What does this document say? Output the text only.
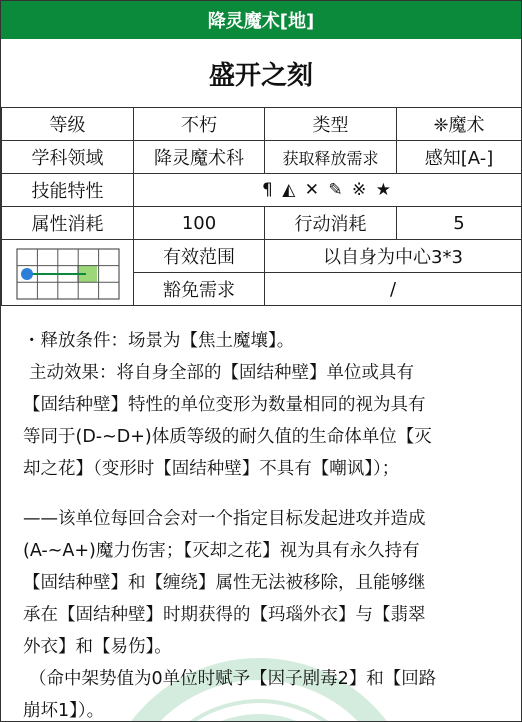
降灵魔术[地]
盛开之刻
等级	不朽	类型	❈魔术
学科领域	降灵魔术科	获取释放需求	感知[A-]
技能特性	¶ ◭ ✕ ✎ ※ ★		
属性消耗	100	行动消耗	5

	有效范围	以自身为中心3*3	
	豁免需求	/	

・释放条件：场景为【焦土魔壤】。

主动效果：将自身全部的【固结种壁】单位或具有

【固结种壁】特性的单位变形为数量相同的视为具有

等同于(D-~D+)体质等级的耐久值的生命体单位【灭

却之花】（变形时【固结种壁】不具有【嘲讽】）；

——该单位每回合会对一个指定目标发起进攻并造成

(A-~A+)魔力伤害；【灭却之花】视为具有永久持有

【固结种壁】和【缠绕】属性无法被移除，且能够继

承在【固结种壁】时期获得的【玛瑙外衣】与【翡翠

外衣】和【易伤】。

（命中架势值为0单位时赋予【因子剧毒2】和【回路

崩坏1】）。
